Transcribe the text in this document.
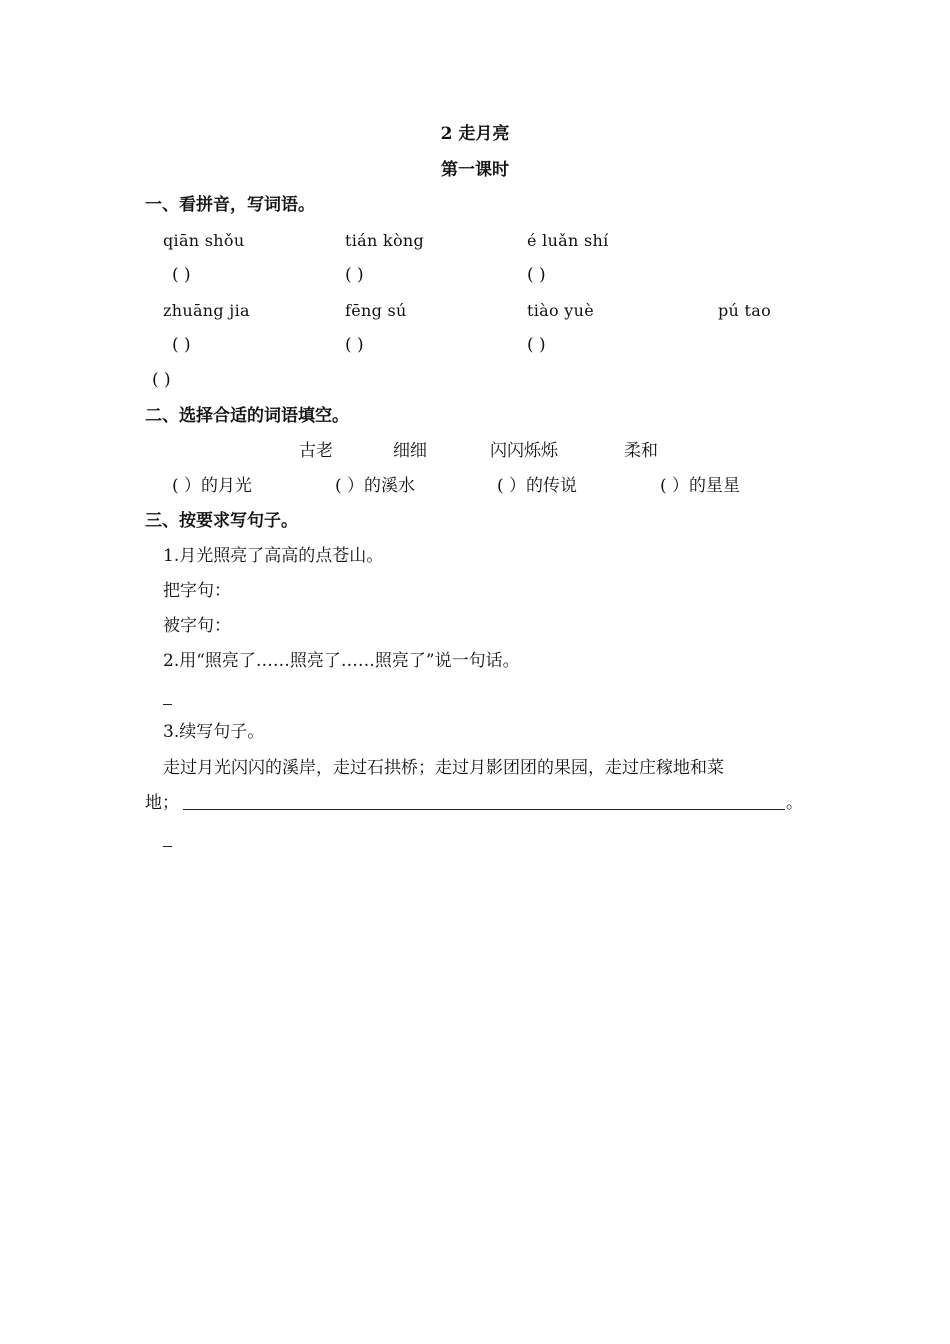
2 走月亮
第一课时
一、看拼音，写词语。
qiān shǒu	tián kòng	é luǎn shí
( )	( )	( )
zhuāng jia	fēng sú	tiào yuè	pú tao
( )	( )	( )
( )
二、选择合适的词语填空。
古老	细细	闪闪烁烁	柔和
( ）的月光	( ）的溪水	( ）的传说	( ）的星星
三、按要求写句子。
1.月光照亮了高高的点苍山。
把字句：
被字句：
2.用“照亮了……照亮了……照亮了”说一句话。
3.续写句子。
走过月光闪闪的溪岸，走过石拱桥；走过月影团团的果园，走过庄稼地和菜
地；	。
